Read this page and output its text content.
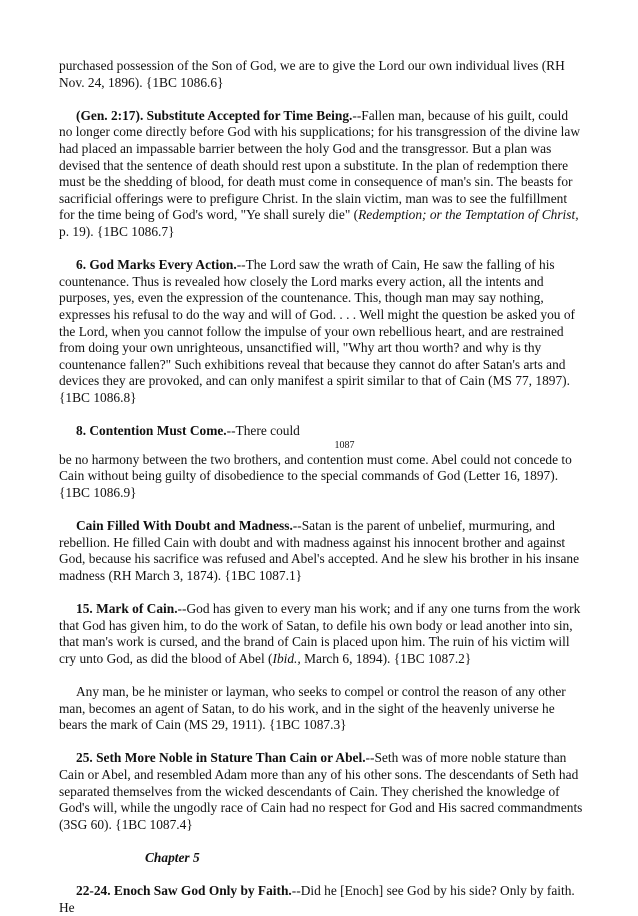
purchased possession of the Son of God, we are to give the Lord our own individual lives (RH Nov. 24, 1896). {1BC 1086.6}

(Gen. 2:17). Substitute Accepted for Time Being.--Fallen man, because of his guilt, could no longer come directly before God with his supplications; for his transgression of the divine law had placed an impassable barrier between the holy God and the transgressor. But a plan was devised that the sentence of death should rest upon a substitute. In the plan of redemption there must be the shedding of blood, for death must come in consequence of man's sin. The beasts for sacrificial offerings were to prefigure Christ. In the slain victim, man was to see the fulfillment for the time being of God's word, "Ye shall surely die" (Redemption; or the Temptation of Christ, p. 19). {1BC 1086.7}

6. God Marks Every Action.--The Lord saw the wrath of Cain, He saw the falling of his countenance. Thus is revealed how closely the Lord marks every action, all the intents and purposes, yes, even the expression of the countenance. This, though man may say nothing, expresses his refusal to do the way and will of God. . . . Well might the question be asked you of the Lord, when you cannot follow the impulse of your own rebellious heart, and are restrained from doing your own unrighteous, unsanctified will, "Why art thou worth? and why is thy countenance fallen?" Such exhibitions reveal that because they cannot do after Satan's arts and devices they are provoked, and can only manifest a spirit similar to that of Cain (MS 77, 1897). {1BC 1086.8}

8. Contention Must Come.--There could
1087
be no harmony between the two brothers, and contention must come. Abel could not concede to Cain without being guilty of disobedience to the special commands of God (Letter 16, 1897). {1BC 1086.9}

Cain Filled With Doubt and Madness.--Satan is the parent of unbelief, murmuring, and rebellion. He filled Cain with doubt and with madness against his innocent brother and against God, because his sacrifice was refused and Abel's accepted. And he slew his brother in his insane madness (RH March 3, 1874). {1BC 1087.1}

15. Mark of Cain.--God has given to every man his work; and if any one turns from the work that God has given him, to do the work of Satan, to defile his own body or lead another into sin, that man's work is cursed, and the brand of Cain is placed upon him. The ruin of his victim will cry unto God, as did the blood of Abel (Ibid., March 6, 1894). {1BC 1087.2}

Any man, be he minister or layman, who seeks to compel or control the reason of any other man, becomes an agent of Satan, to do his work, and in the sight of the heavenly universe he bears the mark of Cain (MS 29, 1911). {1BC 1087.3}

25. Seth More Noble in Stature Than Cain or Abel.--Seth was of more noble stature than Cain or Abel, and resembled Adam more than any of his other sons. The descendants of Seth had separated themselves from the wicked descendants of Cain. They cherished the knowledge of God's will, while the ungodly race of Cain had no respect for God and His sacred commandments (3SG 60). {1BC 1087.4}

Chapter 5

22-24. Enoch Saw God Only by Faith.--Did he [Enoch] see God by his side? Only by faith. He
